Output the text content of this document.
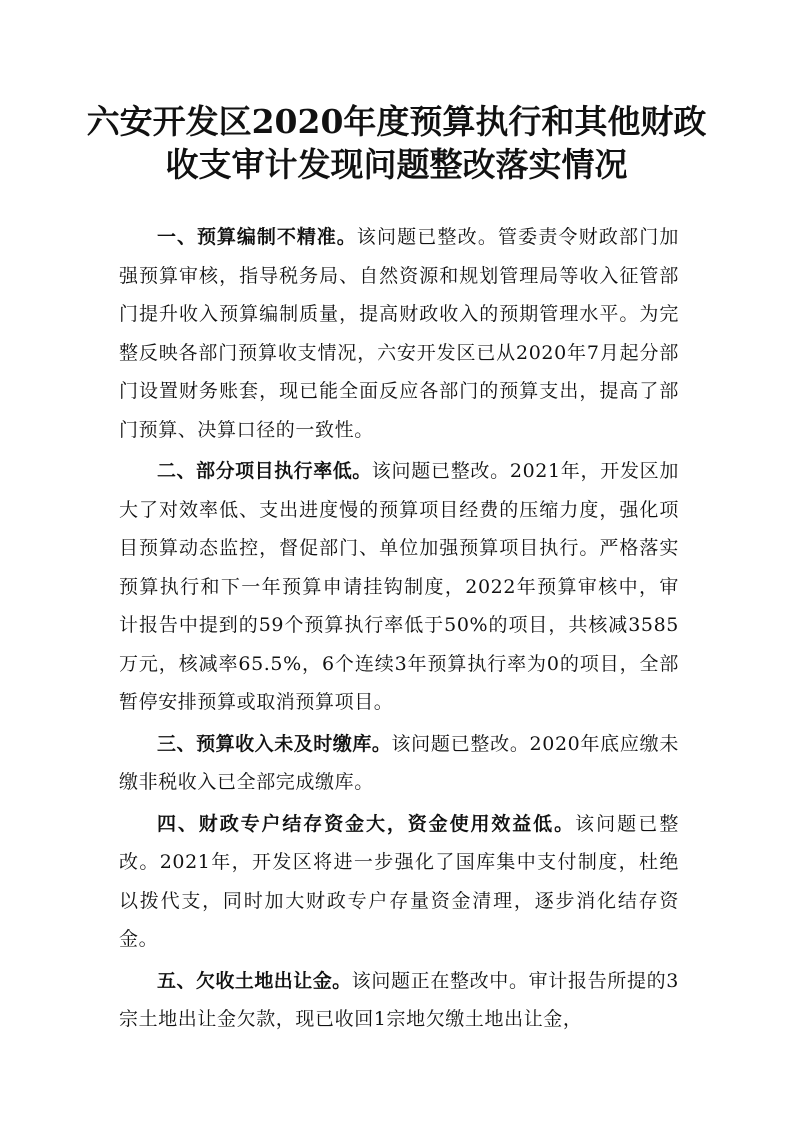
六安开发区2020年度预算执行和其他财政
收支审计发现问题整改落实情况

一、预算编制不精准。该问题已整改。管委责令财政部门加强预算审核，指导税务局、自然资源和规划管理局等收入征管部门提升收入预算编制质量，提高财政收入的预期管理水平。为完整反映各部门预算收支情况，六安开发区已从2020年7月起分部门设置财务账套，现已能全面反应各部门的预算支出，提高了部门预算、决算口径的一致性。

二、部分项目执行率低。该问题已整改。2021年，开发区加大了对效率低、支出进度慢的预算项目经费的压缩力度，强化项目预算动态监控，督促部门、单位加强预算项目执行。严格落实预算执行和下一年预算申请挂钩制度，2022年预算审核中，审计报告中提到的59个预算执行率低于50%的项目，共核减3585万元，核减率65.5%，6个连续3年预算执行率为0的项目，全部暂停安排预算或取消预算项目。

三、预算收入未及时缴库。该问题已整改。2020年底应缴未缴非税收入已全部完成缴库。

四、财政专户结存资金大，资金使用效益低。该问题已整改。2021年，开发区将进一步强化了国库集中支付制度，杜绝以拨代支，同时加大财政专户存量资金清理，逐步消化结存资金。

五、欠收土地出让金。该问题正在整改中。审计报告所提的3宗土地出让金欠款，现已收回1宗地欠缴土地出让金，
